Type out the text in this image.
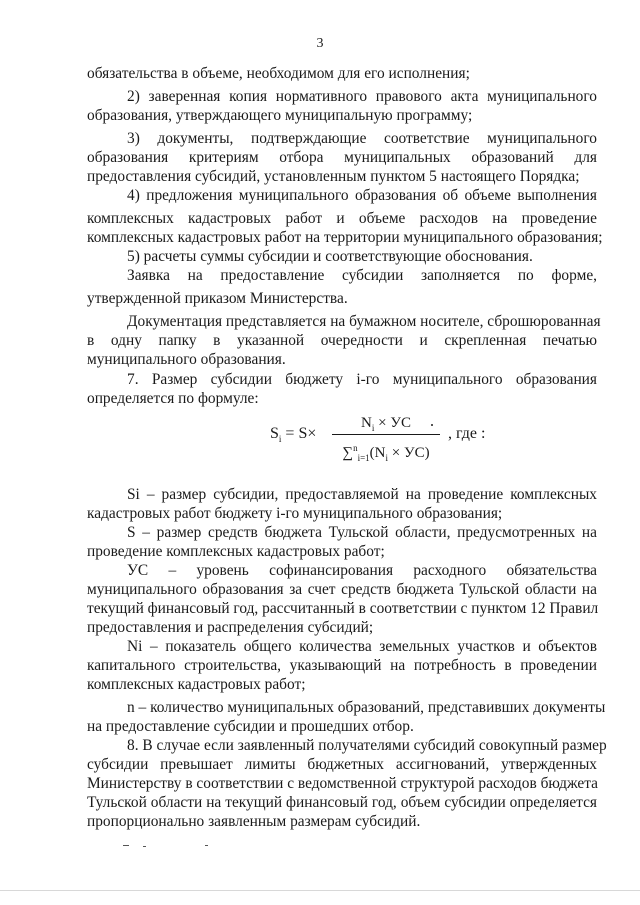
3
обязательства в объеме, необходимом для его исполнения;
2) заверенная копия нормативного правового акта муниципального
образования, утверждающего муниципальную программу;
3) документы, подтверждающие соответствие муниципального
образования критериям отбора муниципальных образований для
предоставления субсидий, установленным пунктом 5 настоящего Порядка;
4) предложения муниципального образования об объеме выполнения
комплексных кадастровых работ и объеме расходов на проведение
комплексных кадастровых работ на территории муниципального образования;
5) расчеты суммы субсидии и соответствующие обоснования.
Заявка на предоставление субсидии заполняется по форме,
утвержденной приказом Министерства.
Документация представляется на бумажном носителе, сброшюрованная
в одну папку в указанной очередности и скрепленная печатью
муниципального образования.
7. Размер субсидии бюджету i-го муниципального образования
определяется по формуле:
Si – размер субсидии, предоставляемой на проведение комплексных
кадастровых работ бюджету i-го муниципального образования;
S – размер средств бюджета Тульской области, предусмотренных на
проведение комплексных кадастровых работ;
УС – уровень софинансирования расходного обязательства
муниципального образования за счет средств бюджета Тульской области на
текущий финансовый год, рассчитанный в соответствии с пунктом 12 Правил
предоставления и распределения субсидий;
Ni – показатель общего количества земельных участков и объектов
капитального строительства, указывающий на потребность в проведении
комплексных кадастровых работ;
n – количество муниципальных образований, представивших документы
на предоставление субсидии и прошедших отбор.
8. В случае если заявленный получателями субсидий совокупный размер
субсидии превышает лимиты бюджетных ассигнований, утвержденных
Министерству в соответствии с ведомственной структурой расходов бюджета
Тульской области на текущий финансовый год, объем субсидии определяется
пропорционально заявленным размерам субсидий.
$S_i = S\times$
$N_i$ × УС
$\sum^n_{i=1}(N_i \times УС)$
, где :
